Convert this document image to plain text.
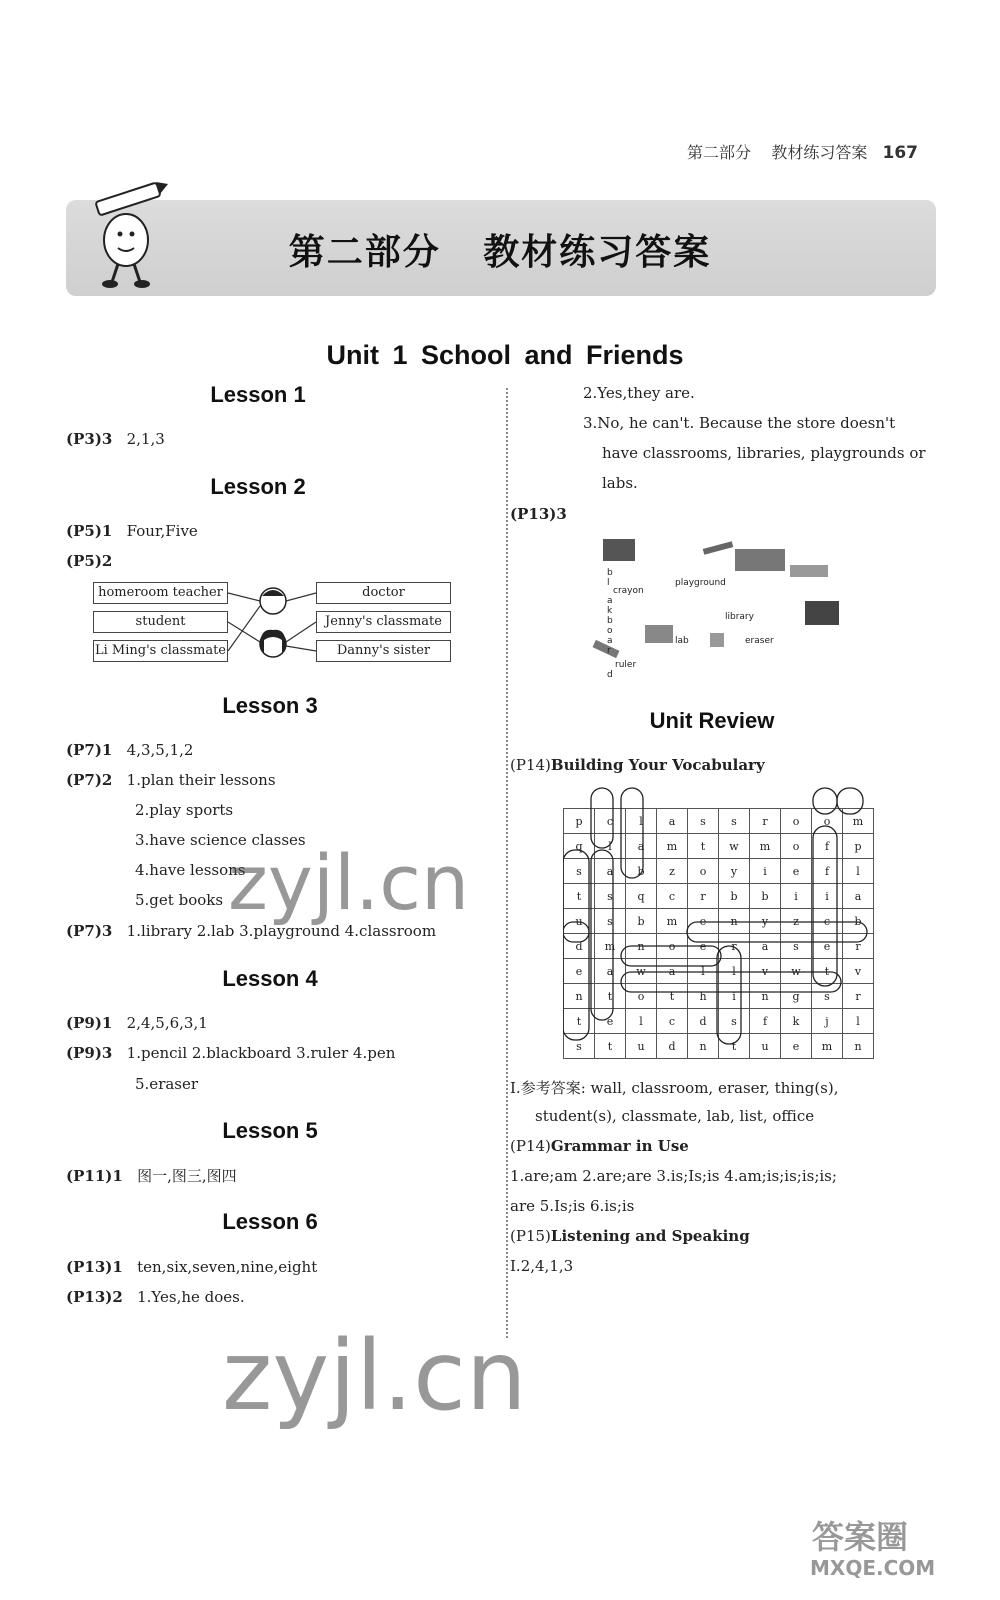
第二部分 教材练习答案 167
第二部分 教材练习答案
Unit 1 School and Friends
Lesson 1
(P3)3 2,1,3
Lesson 2
(P5)1 Four,Five
(P5)2
homeroom teacher
student
Li Ming's classmate
doctor
Jenny's classmate
Danny's sister
Lesson 3
(P7)1 4,3,5,1,2
(P7)2 1.plan their lessons
2.play sports
3.have science classes
4.have lessons
5.get books
(P7)3 1.library 2.lab 3.playground 4.classroom
Lesson 4
(P9)1 2,4,5,6,3,1
(P9)3 1.pencil 2.blackboard 3.ruler 4.pen
5.eraser
Lesson 5
(P11)1 图一,图三,图四
Lesson 6
(P13)1 ten,six,seven,nine,eight
(P13)2 1.Yes,he does.
2.Yes,they are.
3.No, he can't. Because the store doesn't
have classrooms, libraries, playgrounds or
labs.
(P13)3
playground
library
eraser
crayon
lab
ruler
b
l
a
k
b
o
a
r
d
Unit Review
(P14)Building Your Vocabulary
p	c	l	a	s	s	r	o	o	m
q	l	a	m	t	w	m	o	f	p
s	a	b	z	o	y	i	e	f	l
t	s	q	c	r	b	b	i	i	a
u	s	b	m	e	n	y	z	c	b
d	m	n	o	e	r	a	s	e	r
e	a	w	a	l	l	v	w	t	v
n	t	o	t	h	i	n	g	s	r
t	e	l	c	d	s	f	k	j	l
s	t	u	d	n	t	u	e	m	n
I.参考答案: wall, classroom, eraser, thing(s),
student(s), classmate, lab, list, office
(P14)Grammar in Use
1.are;am 2.are;are 3.is;Is;is 4.am;is;is;is;is;
are 5.Is;is 6.is;is
(P15)Listening and Speaking
I.2,4,1,3
zyjl.cn
zyjl.cn
答案圈
MXQE.COM
